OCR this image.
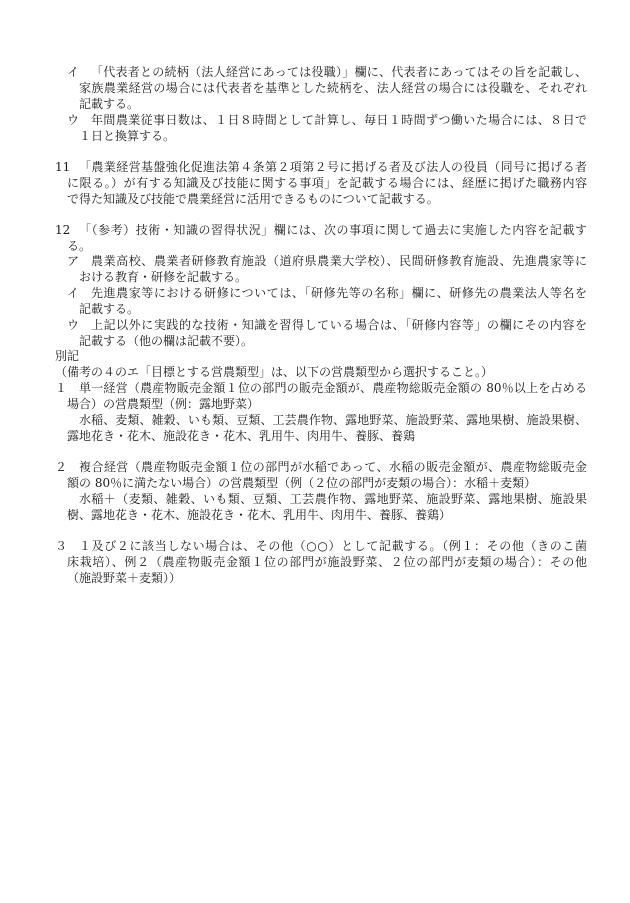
イ 「代表者との続柄（法人経営にあっては役職）」欄に、代表者にあってはその旨を記載し、
家族農業経営の場合には代表者を基準とした続柄を、法人経営の場合には役職を、それぞれ
記載する。
ウ 年間農業従事日数は、１日８時間として計算し、毎日１時間ずつ働いた場合には、８日で
１日と換算する。
11 「農業経営基盤強化促進法第４条第２項第２号に掲げる者及び法人の役員（同号に掲げる者
に限る。）が有する知識及び技能に関する事項」を記載する場合には、経歴に掲げた職務内容
で得た知識及び技能で農業経営に活用できるものについて記載する。
12 「（参考）技術・知識の習得状況」欄には、次の事項に関して過去に実施した内容を記載す
る。
ア 農業高校、農業者研修教育施設（道府県農業大学校）、民間研修教育施設、先進農家等に
おける教育・研修を記載する。
イ 先進農家等における研修については、「研修先等の名称」欄に、研修先の農業法人等名を
記載する。
ウ 上記以外に実践的な技術・知識を習得している場合は、「研修内容等」の欄にその内容を
記載する（他の欄は記載不要）。
別記
（備考の４のエ「目標とする営農類型」は、以下の営農類型から選択すること。）
１ 単一経営（農産物販売金額１位の部門の販売金額が、農産物総販売金額の 80％以上を占める
場合）の営農類型（例：露地野菜）
水稲、麦類、雑穀、いも類、豆類、工芸農作物、露地野菜、施設野菜、露地果樹、施設果樹、
露地花き・花木、施設花き・花木、乳用牛、肉用牛、養豚、養鶏
２ 複合経営（農産物販売金額１位の部門が水稲であって、水稲の販売金額が、農産物総販売金
額の 80％に満たない場合）の営農類型（例（２位の部門が麦類の場合）：水稲＋麦類）
水稲＋（麦類、雑穀、いも類、豆類、工芸農作物、露地野菜、施設野菜、露地果樹、施設果
樹、露地花き・花木、施設花き・花木、乳用牛、肉用牛、養豚、養鶏）
３ １及び２に該当しない場合は、その他（○○）として記載する。（例１：その他（きのこ菌
床栽培）、例２（農産物販売金額１位の部門が施設野菜、２位の部門が麦類の場合）：その他
（施設野菜＋麦類））
